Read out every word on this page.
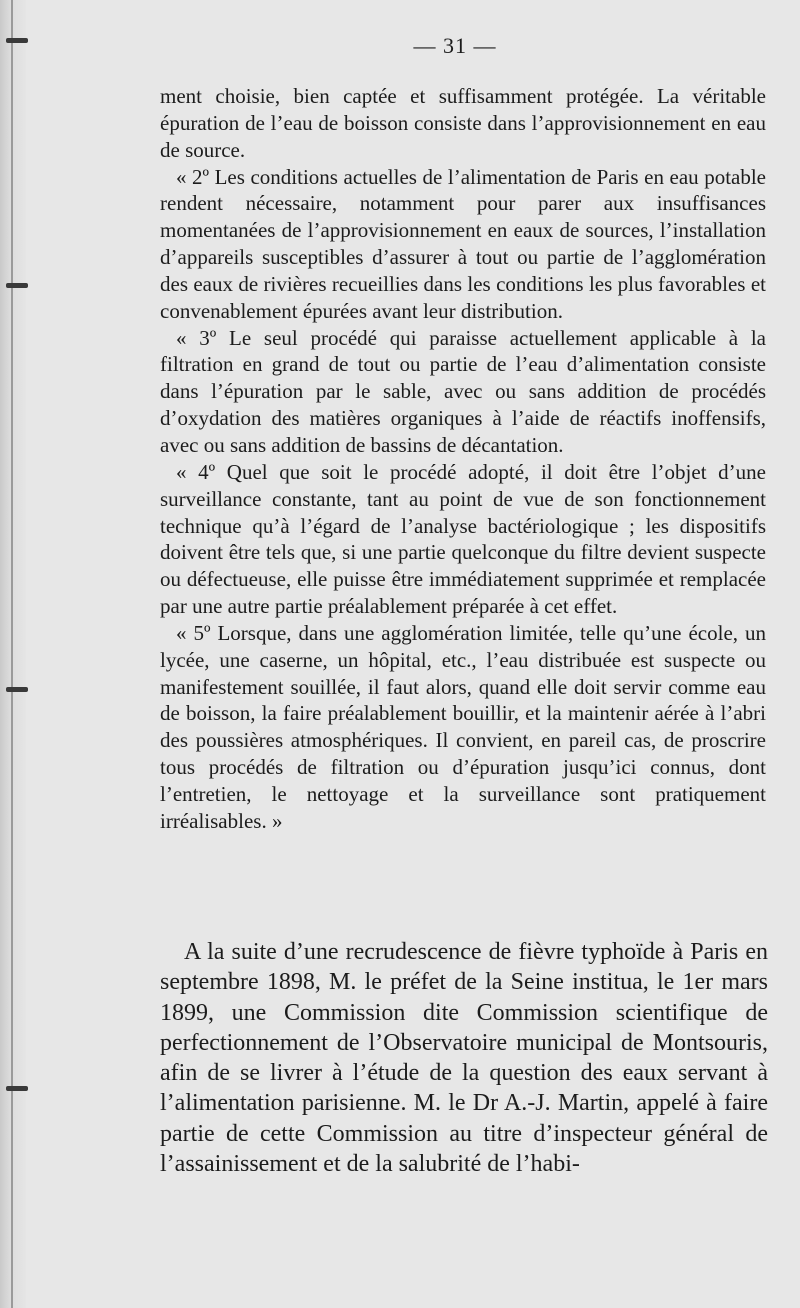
— 31 —

ment choisie, bien captée et suffisamment protégée. La véritable épuration de l’eau de boisson consiste dans l’approvisionnement en eau de source.

« 2º Les conditions actuelles de l’alimentation de Paris en eau potable rendent nécessaire, notamment pour parer aux insuffisances momentanées de l’approvisionnement en eaux de sources, l’installation d’appareils susceptibles d’assurer à tout ou partie de l’agglomération des eaux de rivières recueillies dans les conditions les plus favorables et convenablement épurées avant leur distribution.

« 3º Le seul procédé qui paraisse actuellement applicable à la filtration en grand de tout ou partie de l’eau d’alimentation consiste dans l’épuration par le sable, avec ou sans addition de procédés d’oxydation des matières organiques à l’aide de réactifs inoffensifs, avec ou sans addition de bassins de décantation.

« 4º Quel que soit le procédé adopté, il doit être l’objet d’une surveillance constante, tant au point de vue de son fonctionnement technique qu’à l’égard de l’analyse bactériologique ; les dispositifs doivent être tels que, si une partie quelconque du filtre devient suspecte ou défectueuse, elle puisse être immédiatement supprimée et remplacée par une autre partie préalablement préparée à cet effet.

« 5º Lorsque, dans une agglomération limitée, telle qu’une école, un lycée, une caserne, un hôpital, etc., l’eau distribuée est suspecte ou manifestement souillée, il faut alors, quand elle doit servir comme eau de boisson, la faire préalablement bouillir, et la maintenir aérée à l’abri des poussières atmosphériques. Il convient, en pareil cas, de proscrire tous procédés de filtration ou d’épuration jusqu’ici connus, dont l’entretien, le nettoyage et la surveillance sont pratiquement irréalisables. »

A la suite d’une recrudescence de fièvre typhoïde à Paris en septembre 1898, M. le préfet de la Seine institua, le 1er mars 1899, une Commission dite Commission scientifique de perfectionnement de l’Observatoire municipal de Montsouris, afin de se livrer à l’étude de la question des eaux servant à l’alimentation parisienne. M. le Dr A.-J. Martin, appelé à faire partie de cette Commission au titre d’inspecteur général de l’assainissement et de la salubrité de l’habi-
